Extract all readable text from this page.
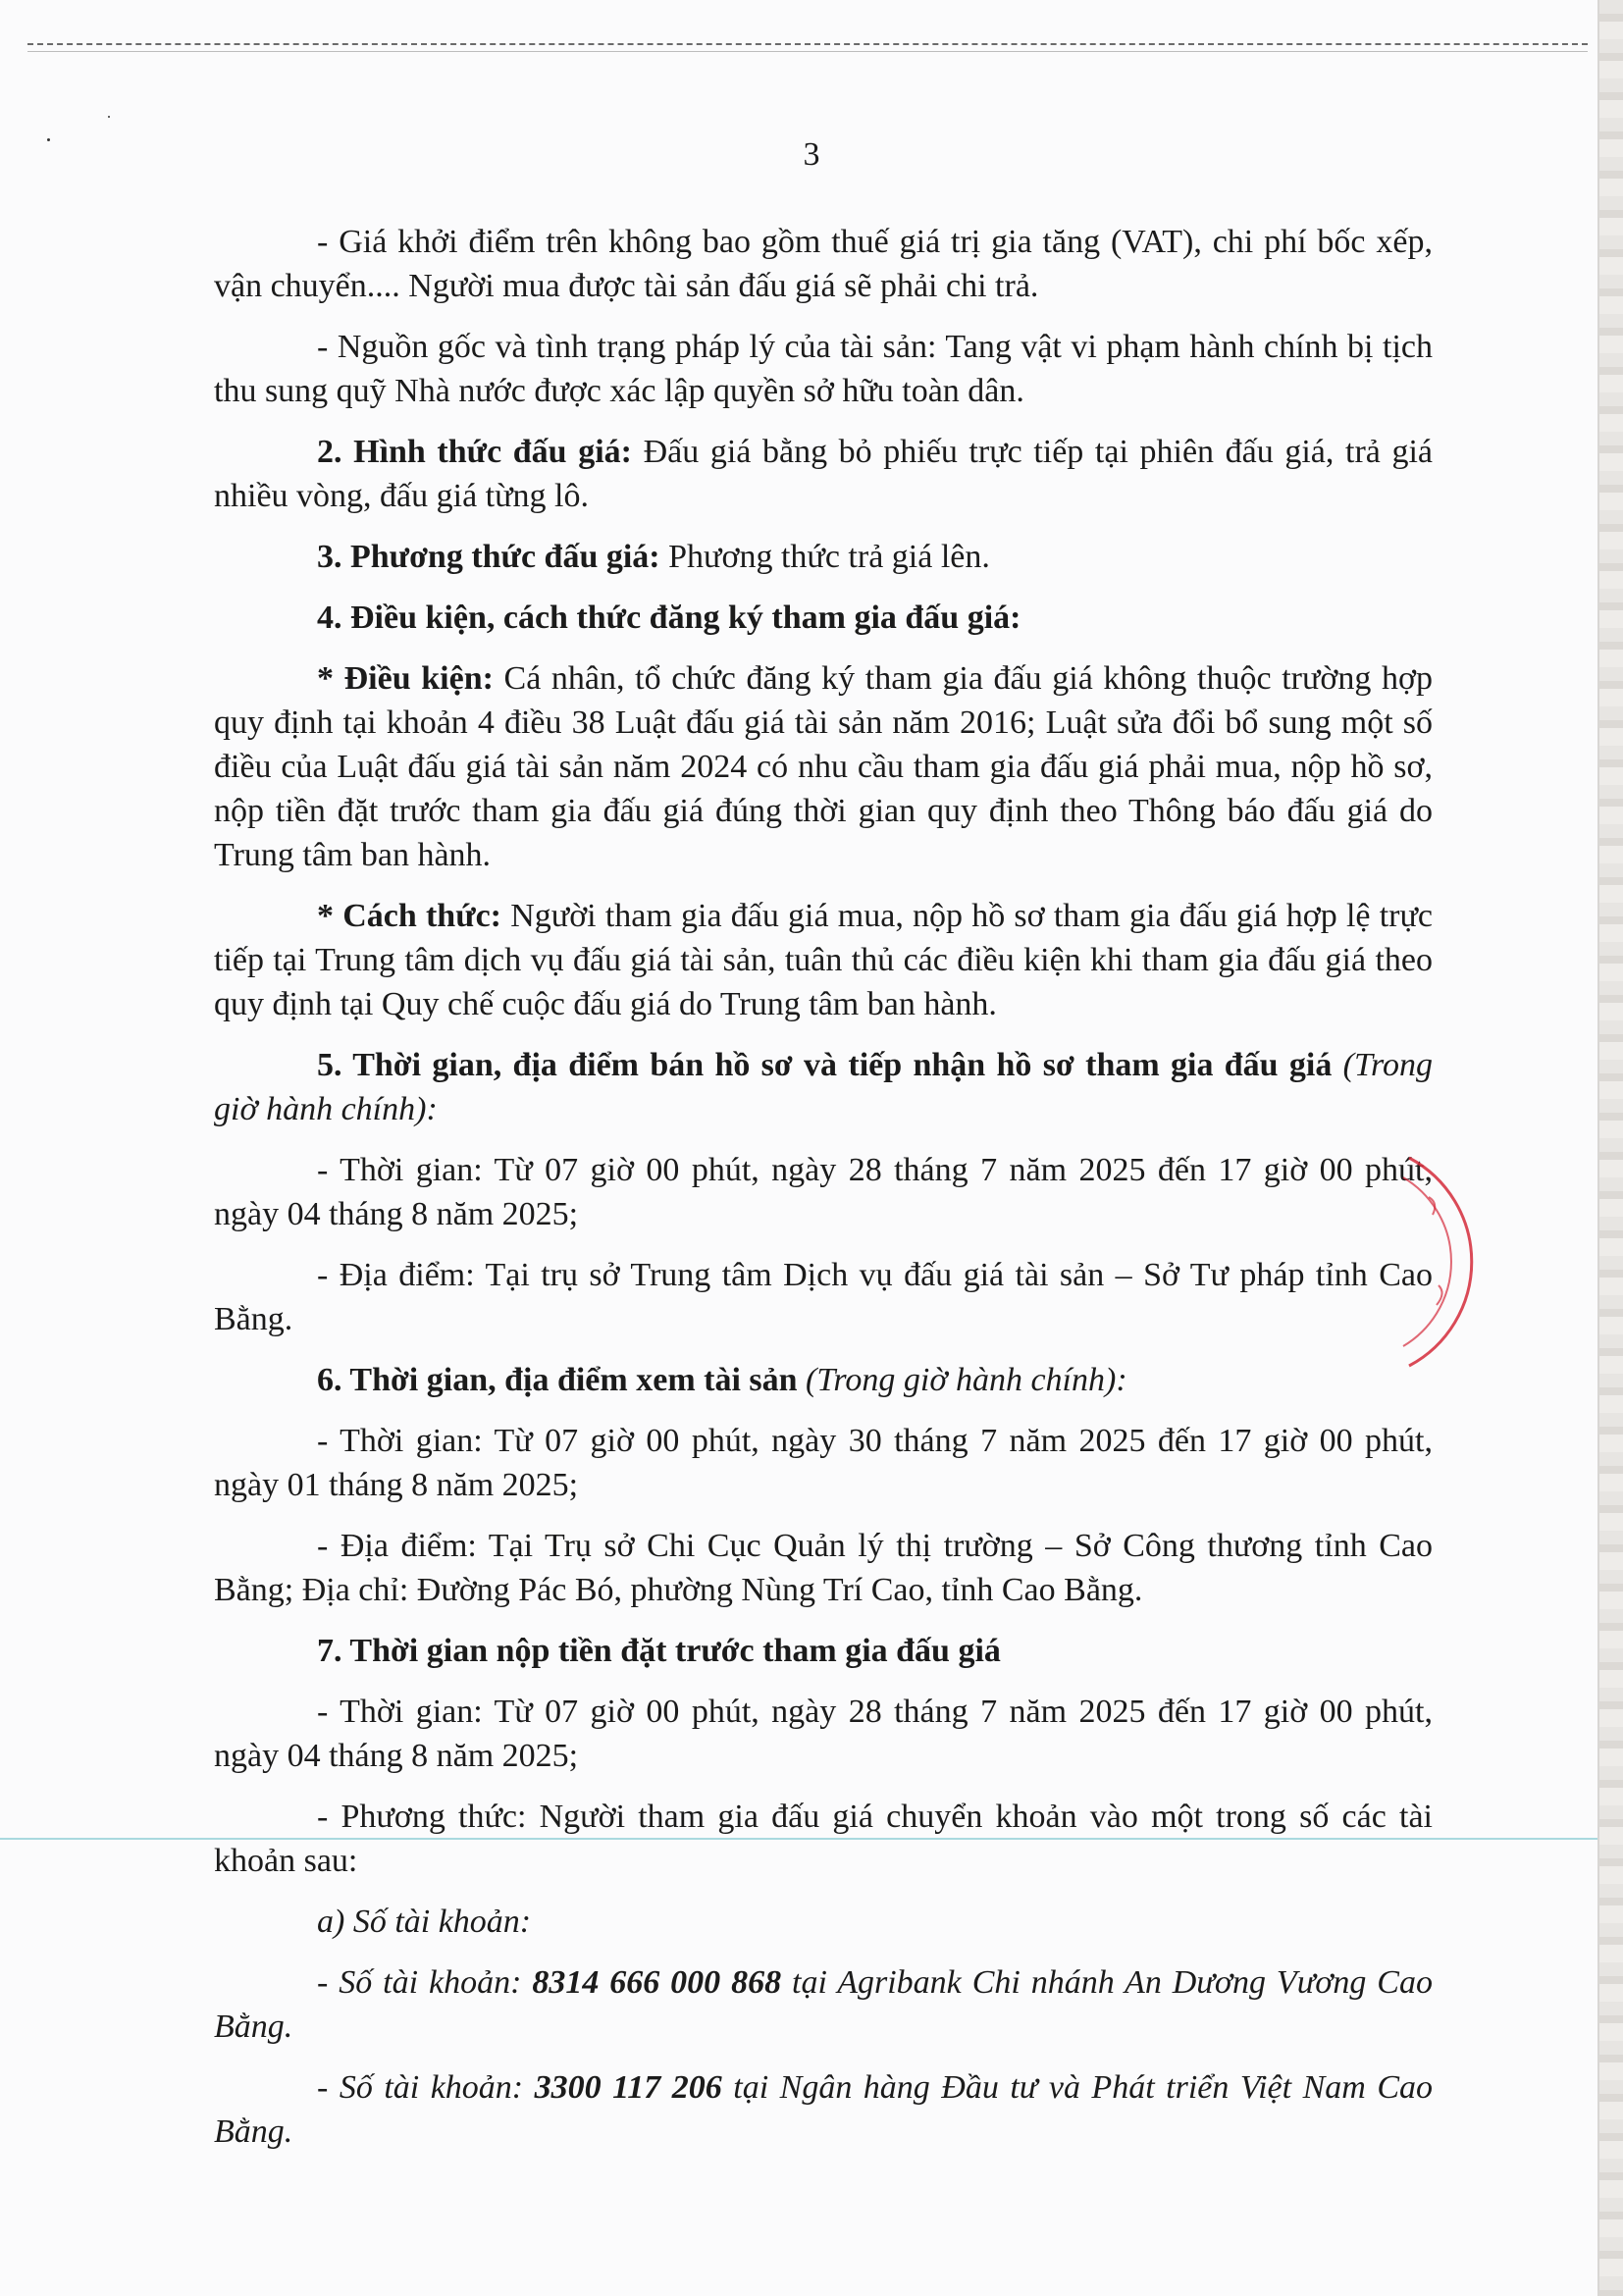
3

- Giá khởi điểm trên không bao gồm thuế giá trị gia tăng (VAT), chi phí bốc xếp, vận chuyển.... Người mua được tài sản đấu giá sẽ phải chi trả.

- Nguồn gốc và tình trạng pháp lý của tài sản: Tang vật vi phạm hành chính bị tịch thu sung quỹ Nhà nước được xác lập quyền sở hữu toàn dân.

2. Hình thức đấu giá: Đấu giá bằng bỏ phiếu trực tiếp tại phiên đấu giá, trả giá nhiều vòng, đấu giá từng lô.

3. Phương thức đấu giá: Phương thức trả giá lên.

4. Điều kiện, cách thức đăng ký tham gia đấu giá:

* Điều kiện: Cá nhân, tổ chức đăng ký tham gia đấu giá không thuộc trường hợp quy định tại khoản 4 điều 38 Luật đấu giá tài sản năm 2016; Luật sửa đổi bổ sung một số điều của Luật đấu giá tài sản năm 2024 có nhu cầu tham gia đấu giá phải mua, nộp hồ sơ, nộp tiền đặt trước tham gia đấu giá đúng thời gian quy định theo Thông báo đấu giá do Trung tâm ban hành.

* Cách thức: Người tham gia đấu giá mua, nộp hồ sơ tham gia đấu giá hợp lệ trực tiếp tại Trung tâm dịch vụ đấu giá tài sản, tuân thủ các điều kiện khi tham gia đấu giá theo quy định tại Quy chế cuộc đấu giá do Trung tâm ban hành.

5. Thời gian, địa điểm bán hồ sơ và tiếp nhận hồ sơ tham gia đấu giá (Trong giờ hành chính):

- Thời gian: Từ 07 giờ 00 phút, ngày 28 tháng 7 năm 2025 đến 17 giờ 00 phút, ngày 04 tháng 8 năm 2025;

- Địa điểm: Tại trụ sở Trung tâm Dịch vụ đấu giá tài sản – Sở Tư pháp tỉnh Cao Bằng.

6. Thời gian, địa điểm xem tài sản (Trong giờ hành chính):

- Thời gian: Từ 07 giờ 00 phút, ngày 30 tháng 7 năm 2025 đến 17 giờ 00 phút, ngày 01 tháng 8 năm 2025;

- Địa điểm: Tại Trụ sở Chi Cục Quản lý thị trường – Sở Công thương tỉnh Cao Bằng; Địa chỉ: Đường Pác Bó, phường Nùng Trí Cao, tỉnh Cao Bằng.

7. Thời gian nộp tiền đặt trước tham gia đấu giá

- Thời gian: Từ 07 giờ 00 phút, ngày 28 tháng 7 năm 2025 đến 17 giờ 00 phút, ngày 04 tháng 8 năm 2025;

- Phương thức: Người tham gia đấu giá chuyển khoản vào một trong số các tài khoản sau:

a) Số tài khoản:

- Số tài khoản: 8314 666 000 868 tại Agribank Chi nhánh An Dương Vương Cao Bằng.

- Số tài khoản: 3300 117 206 tại Ngân hàng Đầu tư và Phát triển Việt Nam Cao Bằng.
